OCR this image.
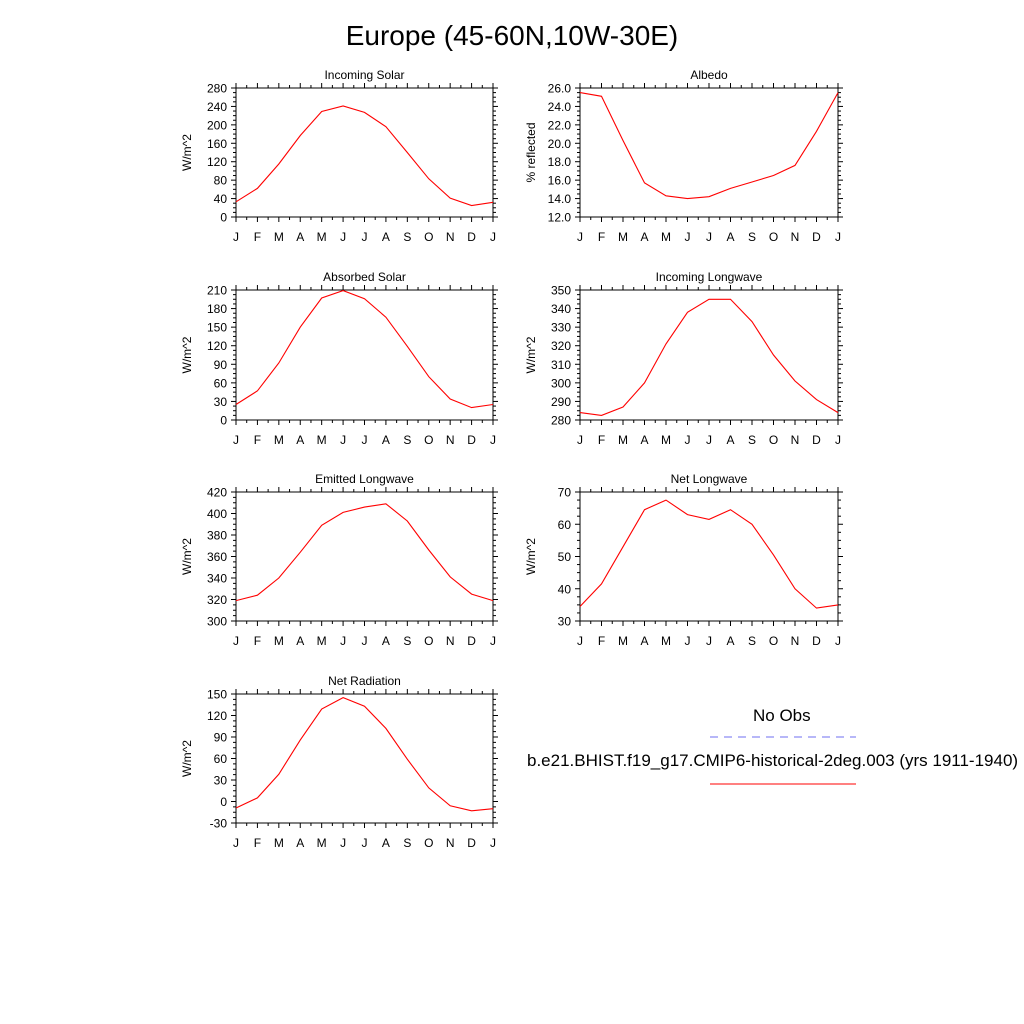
Europe (45-60N,10W-30E)
J F M A M J J A S O N D J
0
40
80
120
160
200
240
280
Incoming Solar
W/m^2
J F M A M J J A S O N D J
12.0
14.0
16.0
18.0
20.0
22.0
24.0
26.0
Albedo
% reflected
J F M A M J J A S O N D J
0
30
60
90
120
150
180
210
Absorbed Solar
W/m^2
J F M A M J J A S O N D J
280
290
300
310
320
330
340
350
Incoming Longwave
W/m^2
J F M A M J J A S O N D J
300
320
340
360
380
400
420
Emitted Longwave
W/m^2
J F M A M J J A S O N D J
30
40
50
60
70
Net Longwave
W/m^2
J F M A M J J A S O N D J
-30
0
30
60
90
120
150
Net Radiation
W/m^2
No Obs
b.e21.BHIST.f19_g17.CMIP6-historical-2deg.003 (yrs 1911-1940)
